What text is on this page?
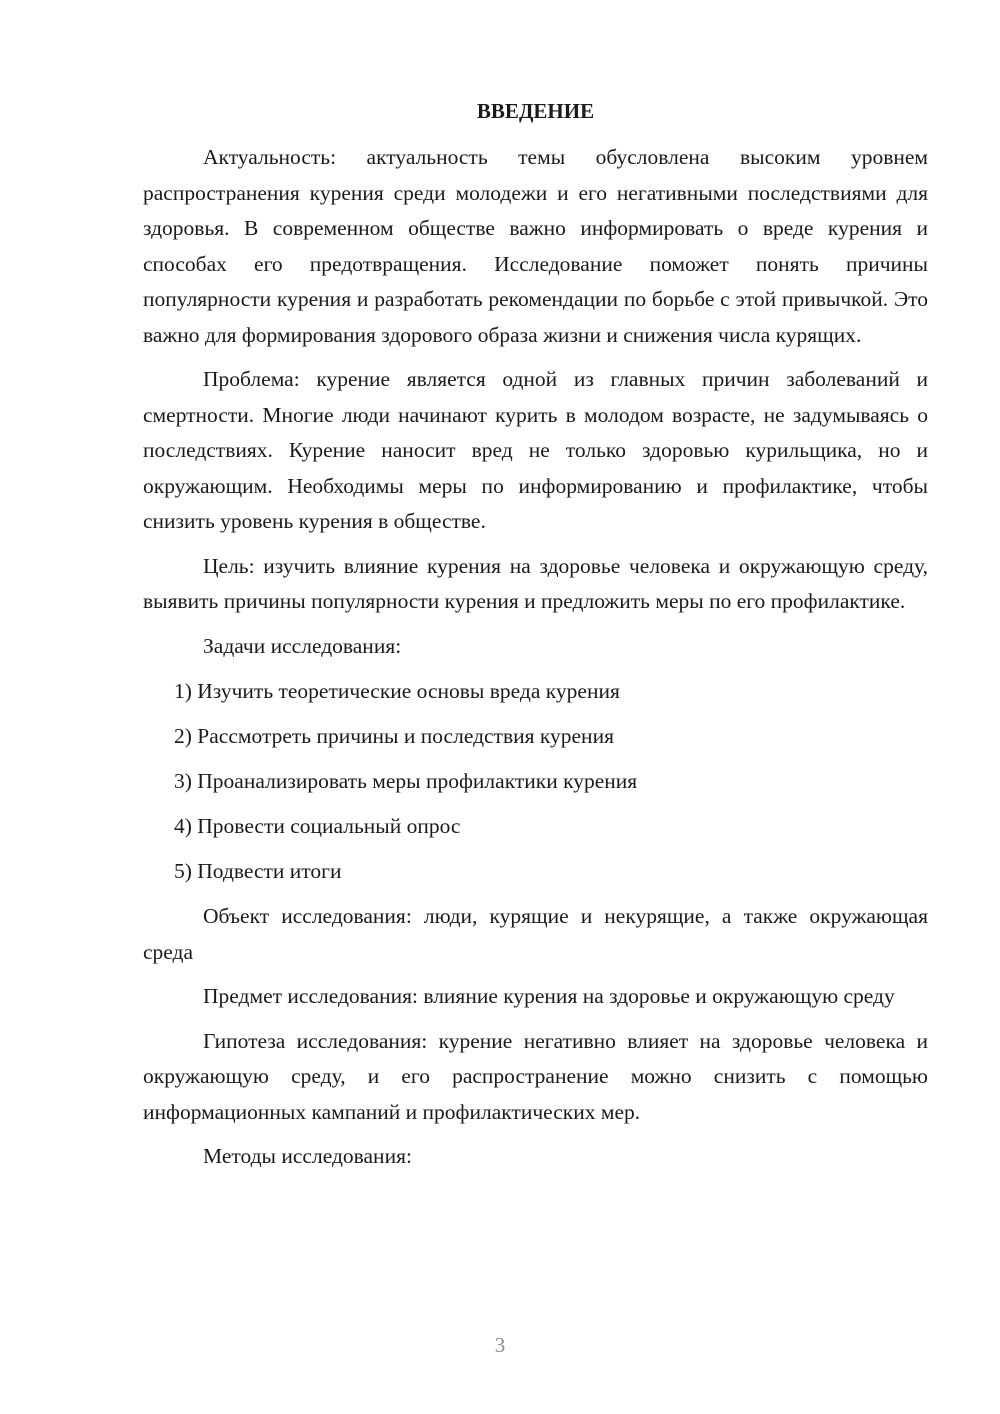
ВВЕДЕНИЕ

Актуальность: актуальность темы обусловлена высоким уровнем распространения курения среди молодежи и его негативными последствиями для здоровья. В современном обществе важно информировать о вреде курения и способах его предотвращения. Исследование поможет понять причины популярности курения и разработать рекомендации по борьбе с этой привычкой. Это важно для формирования здорового образа жизни и снижения числа курящих.

Проблема: курение является одной из главных причин заболеваний и смертности. Многие люди начинают курить в молодом возрасте, не задумываясь о последствиях. Курение наносит вред не только здоровью курильщика, но и окружающим. Необходимы меры по информированию и профилактике, чтобы снизить уровень курения в обществе.

Цель: изучить влияние курения на здоровье человека и окружающую среду, выявить причины популярности курения и предложить меры по его профилактике.

Задачи исследования:

1) Изучить теоретические основы вреда курения
2) Рассмотреть причины и последствия курения
3) Проанализировать меры профилактики курения
4) Провести социальный опрос
5) Подвести итоги

Объект исследования: люди, курящие и некурящие, а также окружающая среда

Предмет исследования: влияние курения на здоровье и окружающую среду

Гипотеза исследования: курение негативно влияет на здоровье человека и окружающую среду, и его распространение можно снизить с помощью информационных кампаний и профилактических мер.

Методы исследования:

3
